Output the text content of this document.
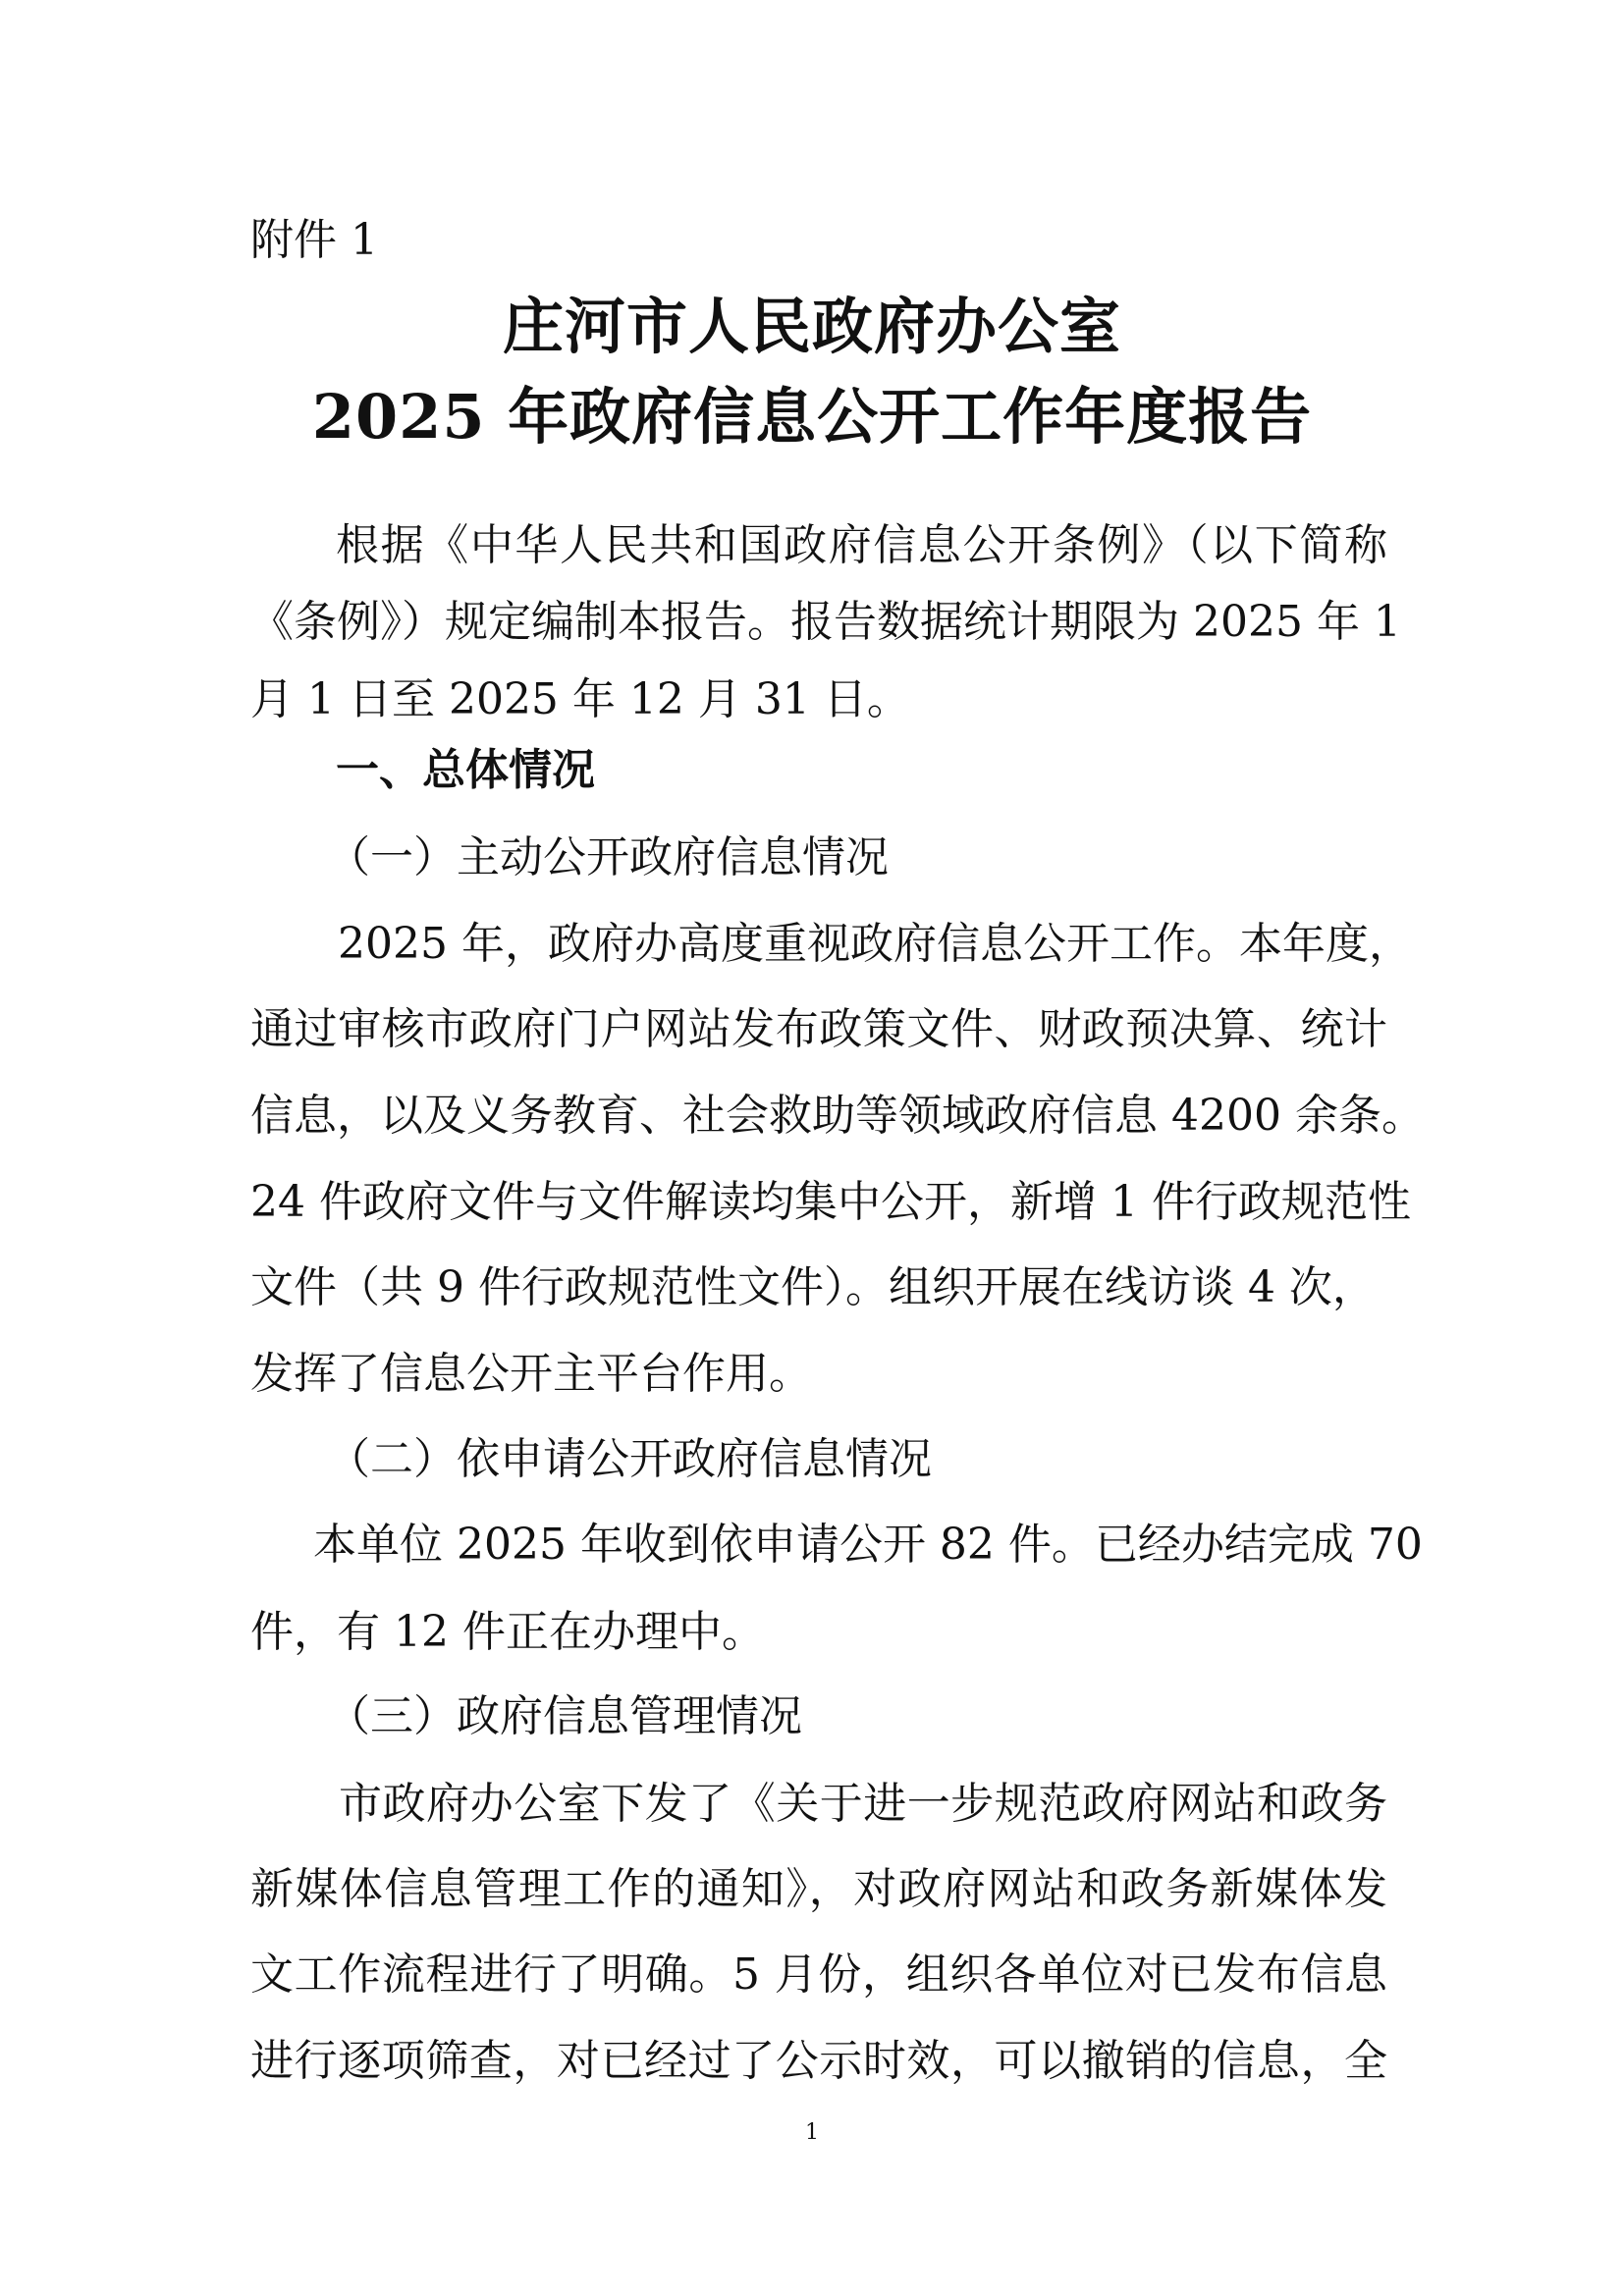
附件 1
庄河市人民政府办公室
2025 年政府信息公开工作年度报告
根据《中华人民共和国政府信息公开条例》（以下简称
《条例》）规定编制本报告。报告数据统计期限为 2025 年 1
月 1 日至 2025 年 12 月 31 日。
一、总体情况
（一）主动公开政府信息情况
2025 年，政府办高度重视政府信息公开工作。本年度，
通过审核市政府门户网站发布政策文件、财政预决算、统计
信息，以及义务教育、社会救助等领域政府信息 4200 余条。
24 件政府文件与文件解读均集中公开，新增 1 件行政规范性
文件（共 9 件行政规范性文件）。组织开展在线访谈 4 次，
发挥了信息公开主平台作用。
（二）依申请公开政府信息情况
本单位 2025 年收到依申请公开 82 件。已经办结完成 70
件，有 12 件正在办理中。
（三）政府信息管理情况
市政府办公室下发了《关于进一步规范政府网站和政务
新媒体信息管理工作的通知》，对政府网站和政务新媒体发
文工作流程进行了明确。5 月份，组织各单位对已发布信息
进行逐项筛查，对已经过了公示时效，可以撤销的信息，全
1
